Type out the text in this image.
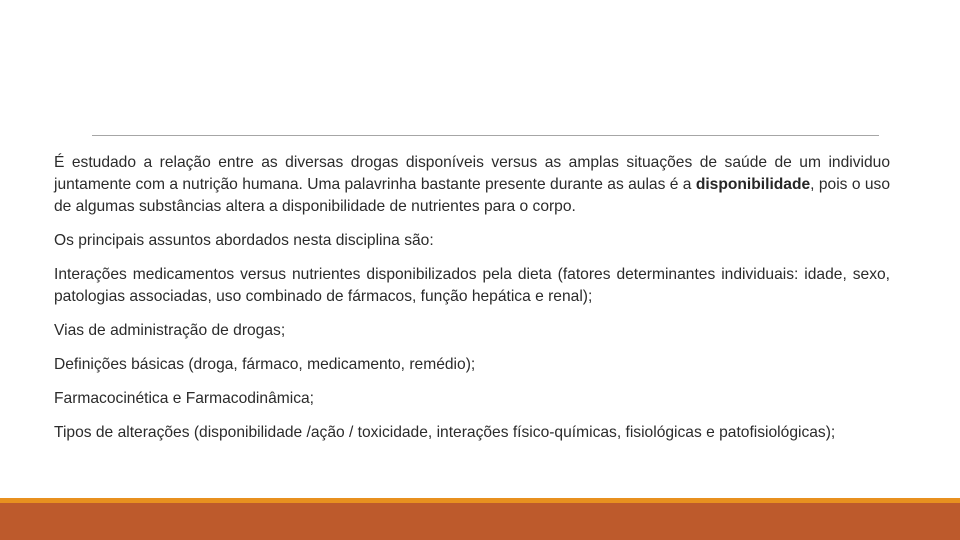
É estudado a relação entre as diversas drogas disponíveis versus as amplas situações de saúde de um individuo juntamente com a nutrição humana. Uma palavrinha bastante presente durante as aulas é a disponibilidade, pois o uso de algumas substâncias altera a disponibilidade de nutrientes para o corpo.

Os principais assuntos abordados nesta disciplina são:

Interações medicamentos versus nutrientes disponibilizados pela dieta (fatores determinantes individuais: idade, sexo, patologias associadas, uso combinado de fármacos, função hepática e renal);

Vias de administração de drogas;

Definições básicas (droga, fármaco, medicamento, remédio);

Farmacocinética e Farmacodinâmica;

Tipos de alterações (disponibilidade /ação / toxicidade, interações físico-químicas, fisiológicas e patofisiológicas);
